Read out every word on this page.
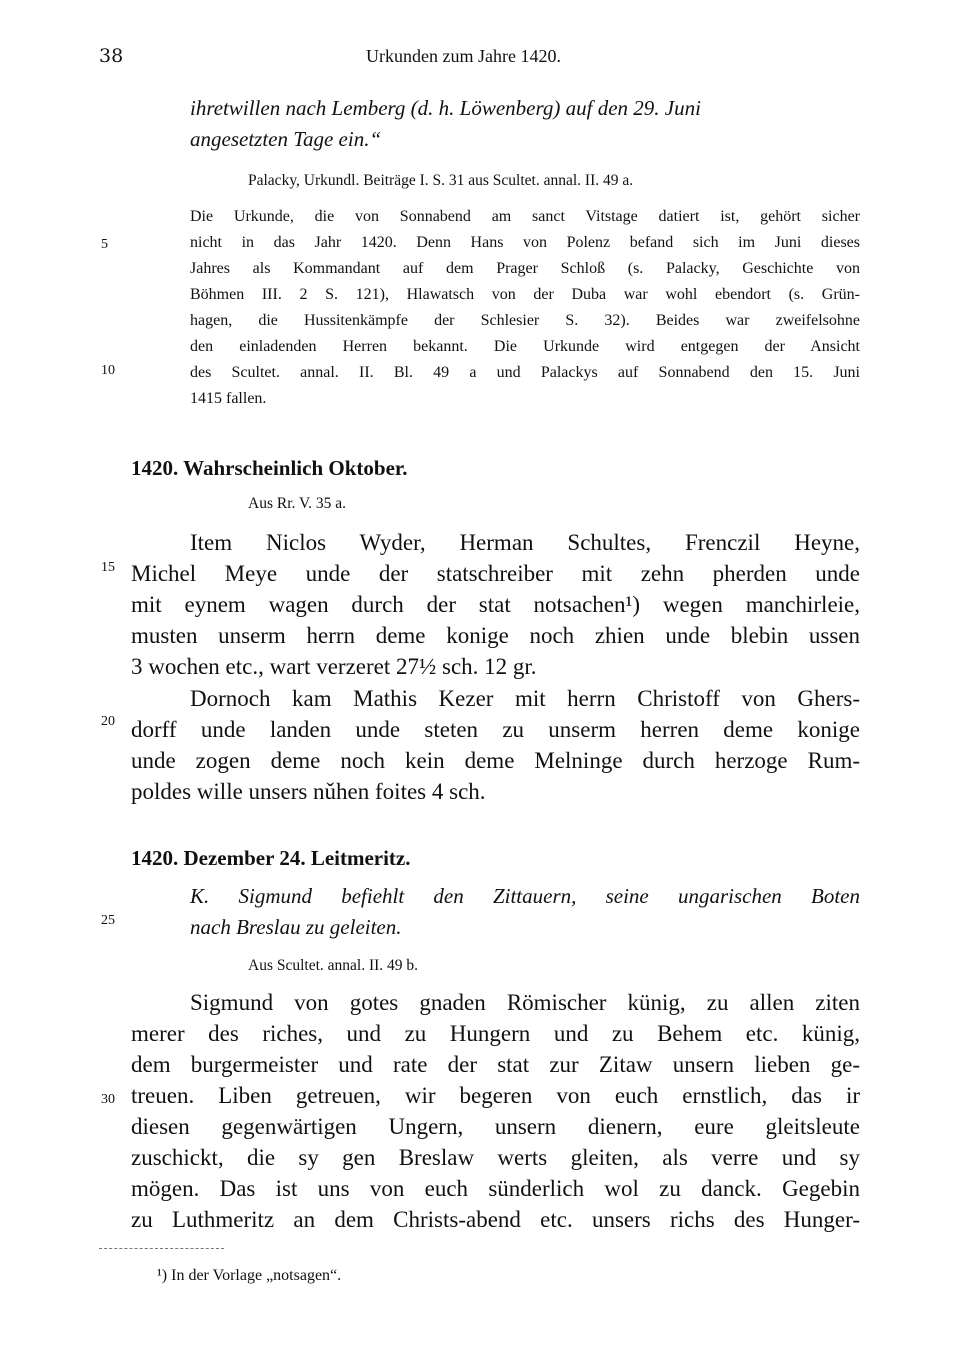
38	Urkunden zum Jahre 1420.
5
10
15
20
25
30
ihretwillen nach Lemberg (d. h. Löwenberg) auf den 29. Juni
angesetzten Tage ein.“
Palacky, Urkundl. Beiträge I. S. 31 aus Scultet. annal. II. 49 a.
Die Urkunde, die von Sonnabend am sanct Vitstage datiert ist, gehört sicher
nicht in das Jahr 1420. Denn Hans von Polenz befand sich im Juni dieses
Jahres als Kommandant auf dem Prager Schloß (s. Palacky, Geschichte von
Böhmen III. 2 S. 121), Hlawatsch von der Duba war wohl ebendort (s. Grün-
hagen, die Hussitenkämpfe der Schlesier S. 32). Beides war zweifelsohne
den einladenden Herren bekannt. Die Urkunde wird entgegen der Ansicht
des Scultet. annal. II. Bl. 49 a und Palackys auf Sonnabend den 15. Juni
1415 fallen.
1420. Wahrscheinlich Oktober.
Aus Rr. V. 35 a.
Item Niclos Wyder, Herman Schultes, Frenczil Heyne,
Michel Meye unde der statschreiber mit zehn pherden unde
mit eynem wagen durch der stat notsachen¹) wegen manchirleie,
musten unserm herrn deme konige noch zhien unde blebin ussen
3 wochen etc., wart verzeret 27½ sch. 12 gr.
Dornoch kam Mathis Kezer mit herrn Christoff von Ghers-
dorff unde landen unde steten zu unserm herren deme konige
unde zogen deme noch kein deme Melninge durch herzoge Rum-
poldes wille unsers nǔhen foites 4 sch.
1420. Dezember 24. Leitmeritz.
K. Sigmund befiehlt den Zittauern, seine ungarischen Boten
nach Breslau zu geleiten.
Aus Scultet. annal. II. 49 b.
Sigmund von gotes gnaden Römischer künig, zu allen ziten
merer des riches, und zu Hungern und zu Behem etc. künig,
dem burgermeister und rate der stat zur Zitaw unsern lieben ge-
treuen. Liben getreuen, wir begeren von euch ernstlich, das ir
diesen gegenwärtigen Ungern, unsern dienern, eure gleitsleute
zuschickt, die sy gen Breslaw werts gleiten, als verre und sy
mögen. Das ist uns von euch sünderlich wol zu danck. Gegebin
zu Luthmeritz an dem Christs-abend etc. unsers richs des Hunger-
¹) In der Vorlage „notsagen“.
